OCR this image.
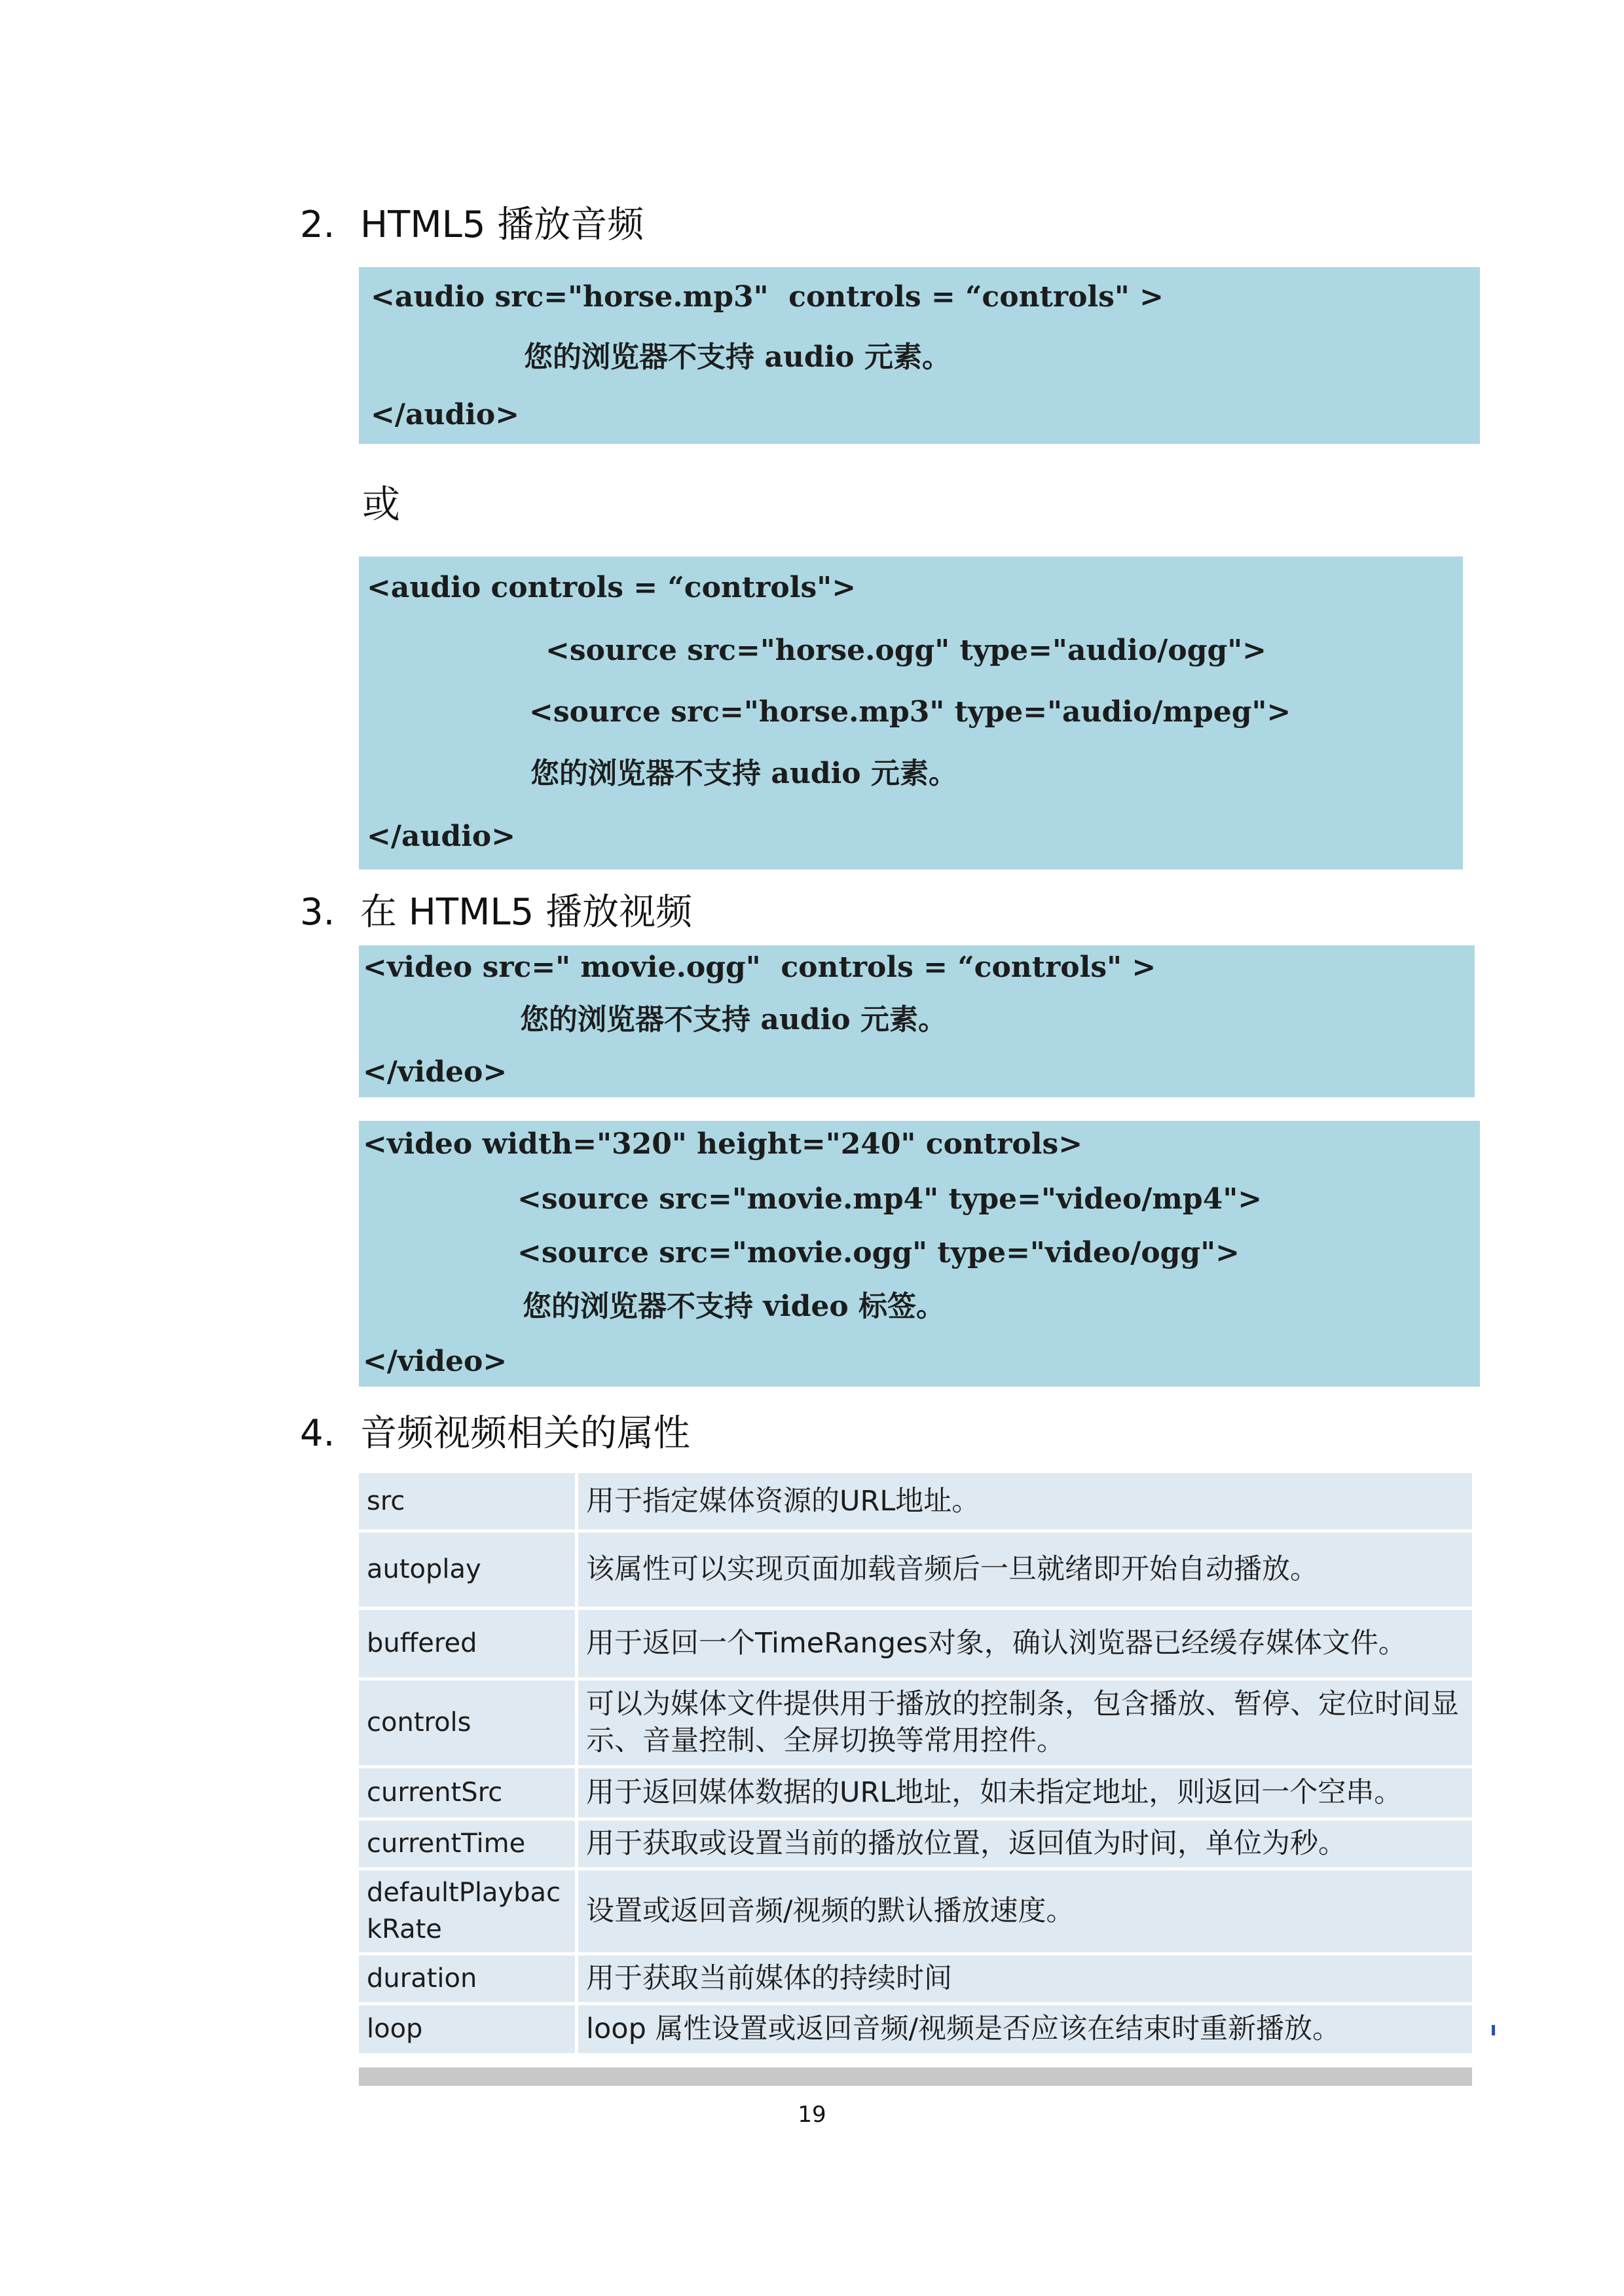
2. HTML5 播放音频
<audio src="horse.mp3"  controls = “controls" >
您的浏览器不支持 audio 元素。
</audio>
或
<audio controls = “controls">
<source src="horse.ogg" type="audio/ogg">
<source src="horse.mp3" type="audio/mpeg">
您的浏览器不支持 audio 元素。
</audio>
3. 在 HTML5 播放视频
<video src=" movie.ogg"  controls = “controls" >
您的浏览器不支持 audio 元素。
</video>
<video width="320" height="240" controls>
<source src="movie.mp4" type="video/mp4">
<source src="movie.ogg" type="video/ogg">
您的浏览器不支持 video 标签。
</video>
4. 音频视频相关的属性
src	用于指定媒体资源的URL地址。
autoplay	该属性可以实现页面加载音频后一旦就绪即开始自动播放。
buffered	用于返回一个TimeRanges对象，确认浏览器已经缓存媒体文件。
controls	可以为媒体文件提供用于播放的控制条，包含播放、暂停、定位时间显示、音量控制、全屏切换等常用控件。
currentSrc	用于返回媒体数据的URL地址，如未指定地址，则返回一个空串。
currentTime	用于获取或设置当前的播放位置，返回值为时间，单位为秒。
defaultPlaybackRate	设置或返回音频/视频的默认播放速度。
duration	用于获取当前媒体的持续时间
loop	loop 属性设置或返回音频/视频是否应该在结束时重新播放。
19
